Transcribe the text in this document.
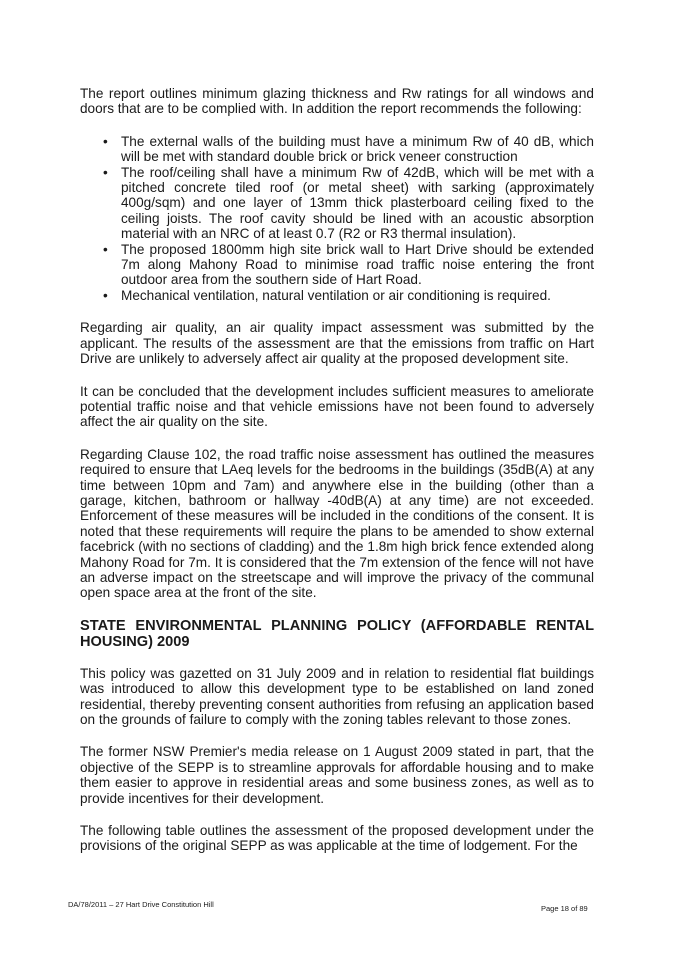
The report outlines minimum glazing thickness and Rw ratings for all windows and doors that are to be complied with. In addition the report recommends the following:

• The external walls of the building must have a minimum Rw of 40 dB, which will be met with standard double brick or brick veneer construction
• The roof/ceiling shall have a minimum Rw of 42dB, which will be met with a pitched concrete tiled roof (or metal sheet) with sarking (approximately 400g/sqm) and one layer of 13mm thick plasterboard ceiling fixed to the ceiling joists. The roof cavity should be lined with an acoustic absorption material with an NRC of at least 0.7 (R2 or R3 thermal insulation).
• The proposed 1800mm high site brick wall to Hart Drive should be extended 7m along Mahony Road to minimise road traffic noise entering the front outdoor area from the southern side of Hart Road.
• Mechanical ventilation, natural ventilation or air conditioning is required.

Regarding air quality, an air quality impact assessment was submitted by the applicant. The results of the assessment are that the emissions from traffic on Hart Drive are unlikely to adversely affect air quality at the proposed development site.

It can be concluded that the development includes sufficient measures to ameliorate potential traffic noise and that vehicle emissions have not been found to adversely affect the air quality on the site.

Regarding Clause 102, the road traffic noise assessment has outlined the measures required to ensure that LAeq levels for the bedrooms in the buildings (35dB(A) at any time between 10pm and 7am) and anywhere else in the building (other than a garage, kitchen, bathroom or hallway -40dB(A) at any time) are not exceeded. Enforcement of these measures will be included in the conditions of the consent. It is noted that these requirements will require the plans to be amended to show external facebrick (with no sections of cladding) and the 1.8m high brick fence extended along Mahony Road for 7m. It is considered that the 7m extension of the fence will not have an adverse impact on the streetscape and will improve the privacy of the communal open space area at the front of the site.

STATE ENVIRONMENTAL PLANNING POLICY (AFFORDABLE RENTAL HOUSING) 2009

This policy was gazetted on 31 July 2009 and in relation to residential flat buildings was introduced to allow this development type to be established on land zoned residential, thereby preventing consent authorities from refusing an application based on the grounds of failure to comply with the zoning tables relevant to those zones.

The former NSW Premier's media release on 1 August 2009 stated in part, that the objective of the SEPP is to streamline approvals for affordable housing and to make them easier to approve in residential areas and some business zones, as well as to provide incentives for their development.

The following table outlines the assessment of the proposed development under the provisions of the original SEPP as was applicable at the time of lodgement. For the

DA/78/2011 – 27 Hart Drive Constitution Hill	Page 18 of 89
